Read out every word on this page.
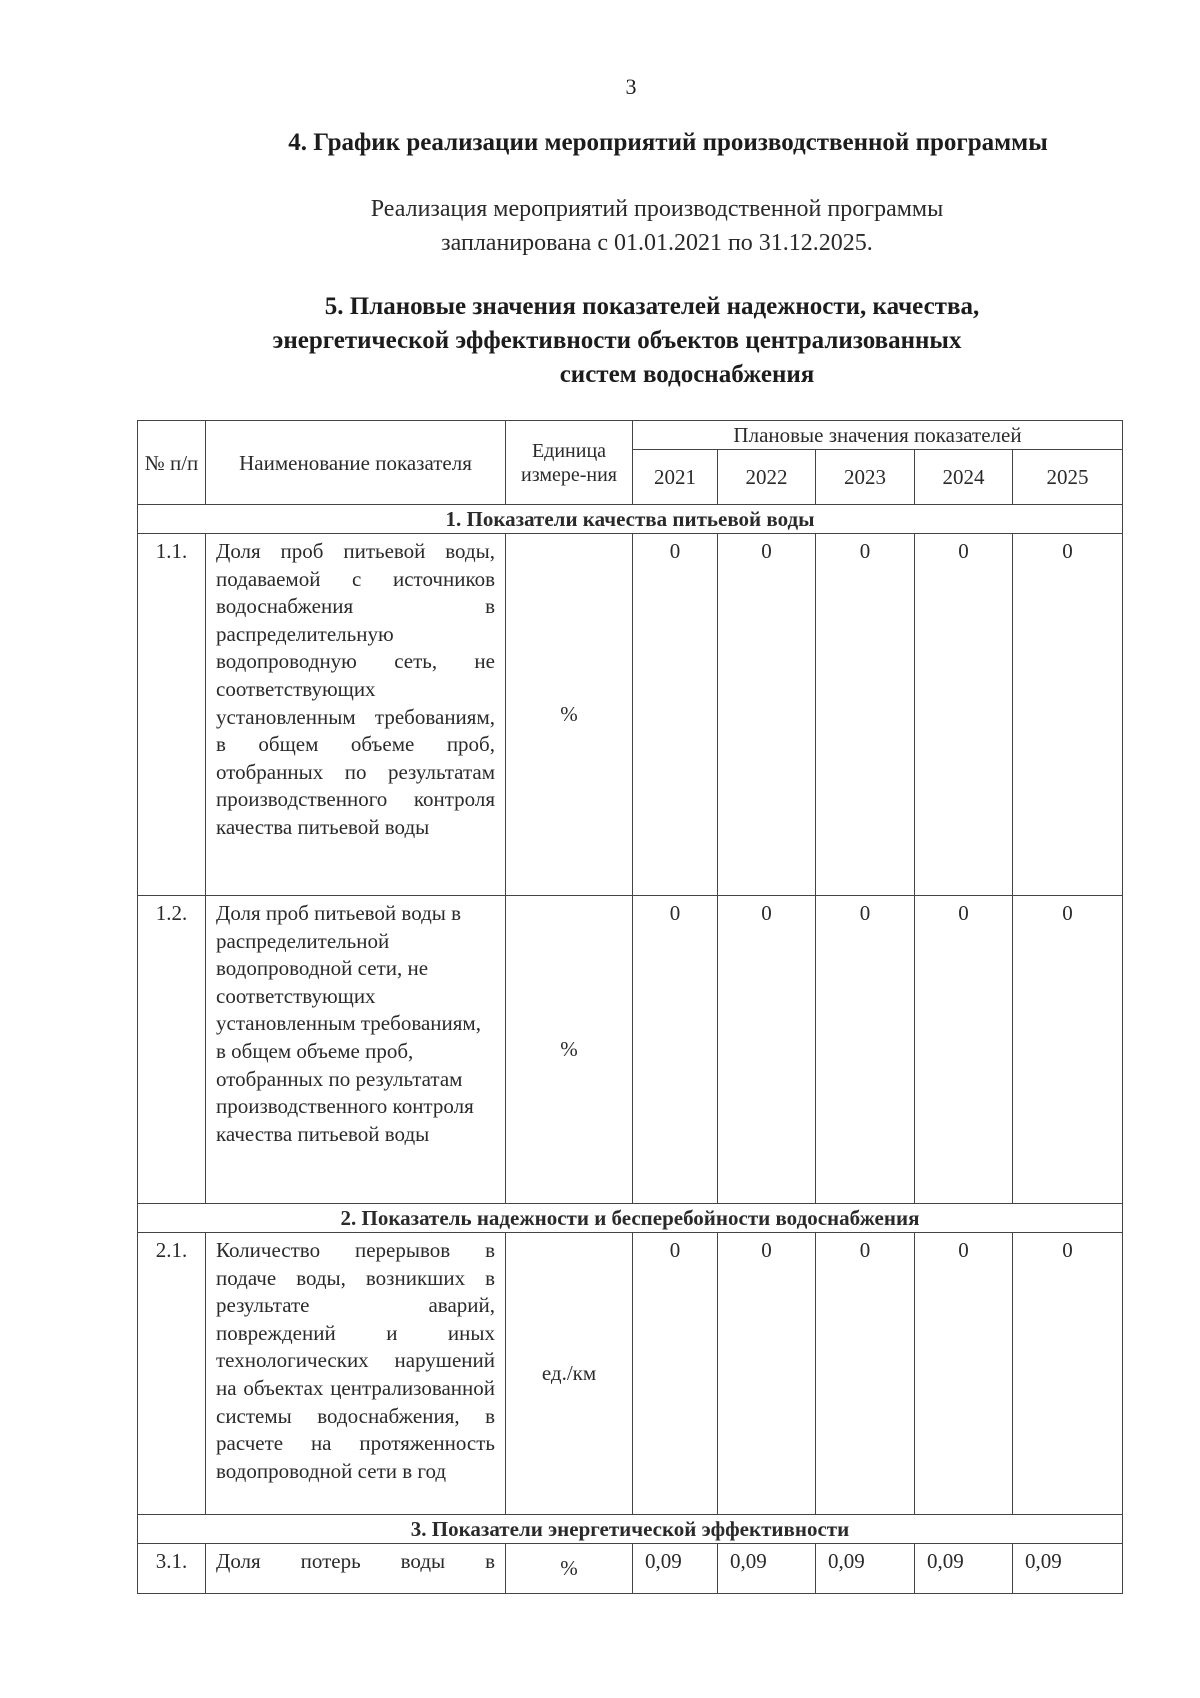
3
4. График реализации мероприятий производственной программы
Реализация мероприятий производственной программы
запланирована с 01.01.2021 по 31.12.2025.
5. Плановые значения показателей надежности, качества,
энергетической эффективности объектов централизованных
систем водоснабжения
№ п/п	Наименование показателя	Единица измере-ния	Плановые значения показателей				
			2021	2022	2023	2024	2025
1. Показатели качества питьевой воды							
1.1.	Доля проб питьевой воды, подаваемой с источников водоснабжения в распределительную водопроводную сеть, не соответствующих установленным требованиям, в общем объеме проб, отобранных по результатам производственного контроля качества питьевой воды	%	0	0	0	0	0
1.2.	Доля проб питьевой воды в распределительной водопроводной сети, не соответствующих установленным требованиям, в общем объеме проб, отобранных по результатам производственного контроля качества питьевой воды	%	0	0	0	0	0
2. Показатель надежности и бесперебойности водоснабжения							
2.1.	Количество перерывов в подаче воды, возникших в результате аварий, повреждений и иных технологических нарушений на объектах централизованной системы водоснабжения, в расчете на протяженность водопроводной сети в год	ед./км	0	0	0	0	0
3. Показатели энергетической эффективности							
3.1.	Доля потерь воды в	%	0,09	0,09	0,09	0,09	0,09
